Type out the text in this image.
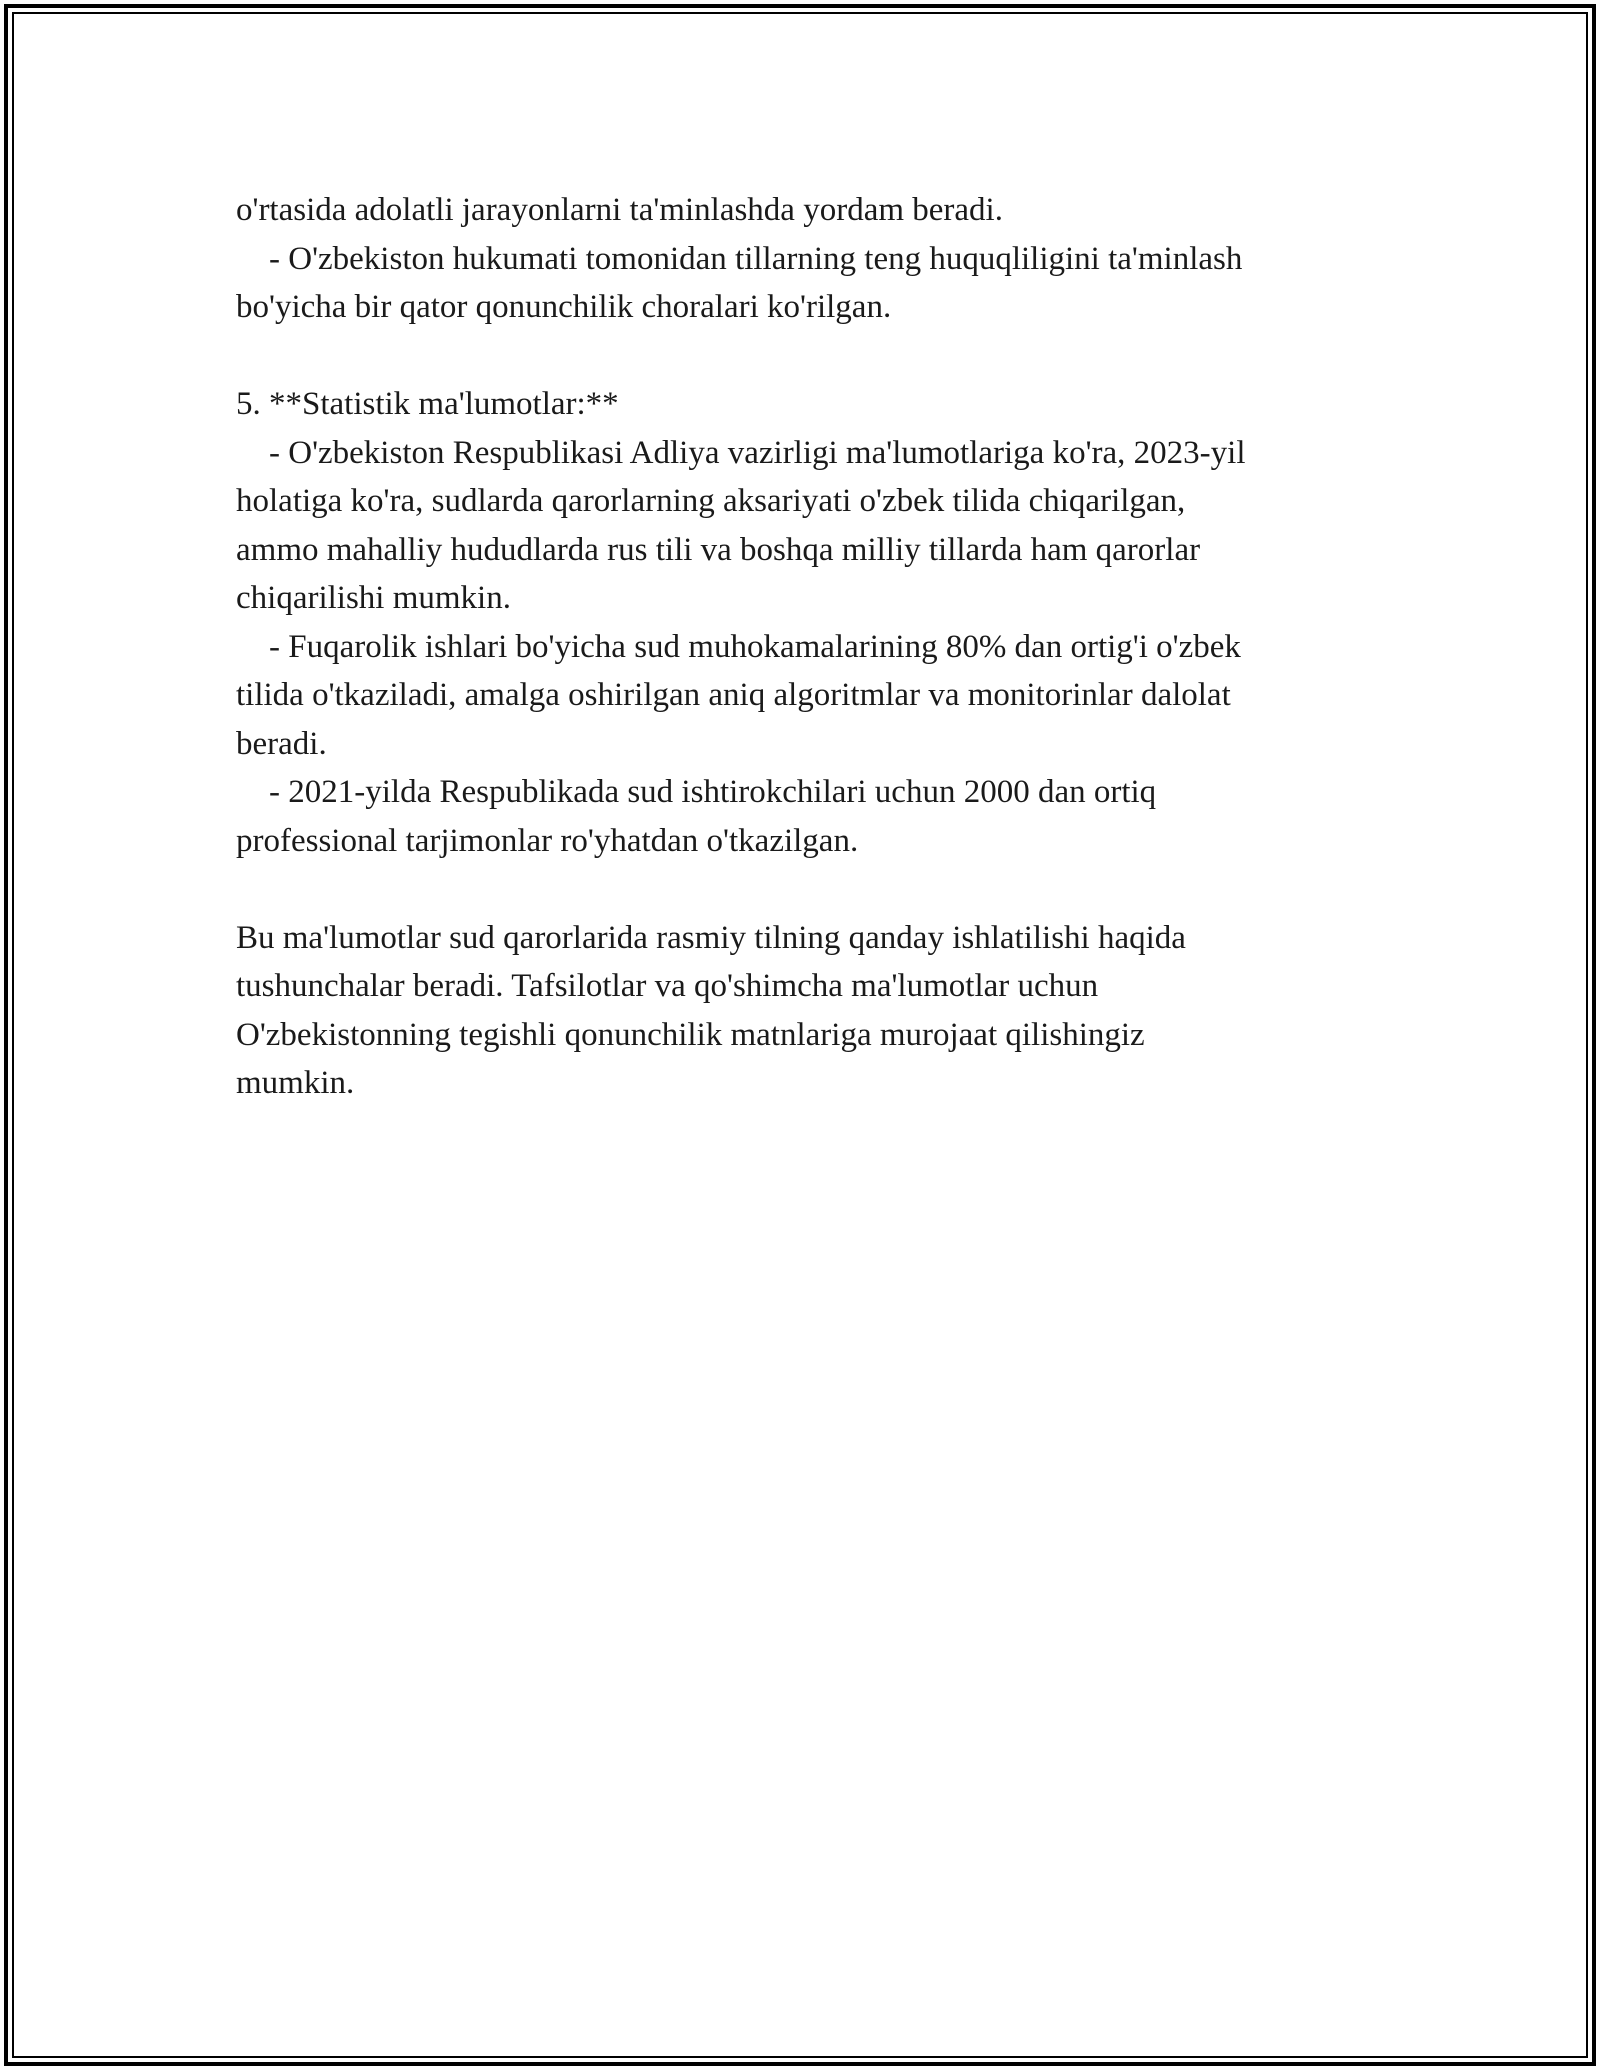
o'rtasida adolatli jarayonlarni ta'minlashda yordam beradi.
- O'zbekiston hukumati tomonidan tillarning teng huquqliligini ta'minlash
bo'yicha bir qator qonunchilik choralari ko'rilgan.
5. **Statistik ma'lumotlar:**
- O'zbekiston Respublikasi Adliya vazirligi ma'lumotlariga ko'ra, 2023-yil
holatiga ko'ra, sudlarda qarorlarning aksariyati o'zbek tilida chiqarilgan,
ammo mahalliy hududlarda rus tili va boshqa milliy tillarda ham qarorlar
chiqarilishi mumkin.
- Fuqarolik ishlari bo'yicha sud muhokamalarining 80% dan ortig'i o'zbek
tilida o'tkaziladi, amalga oshirilgan aniq algoritmlar va monitorinlar dalolat
beradi.
- 2021-yilda Respublikada sud ishtirokchilari uchun 2000 dan ortiq
professional tarjimonlar ro'yhatdan o'tkazilgan.
Bu ma'lumotlar sud qarorlarida rasmiy tilning qanday ishlatilishi haqida
tushunchalar beradi. Tafsilotlar va qo'shimcha ma'lumotlar uchun
O'zbekistonning tegishli qonunchilik matnlariga murojaat qilishingiz
mumkin.
